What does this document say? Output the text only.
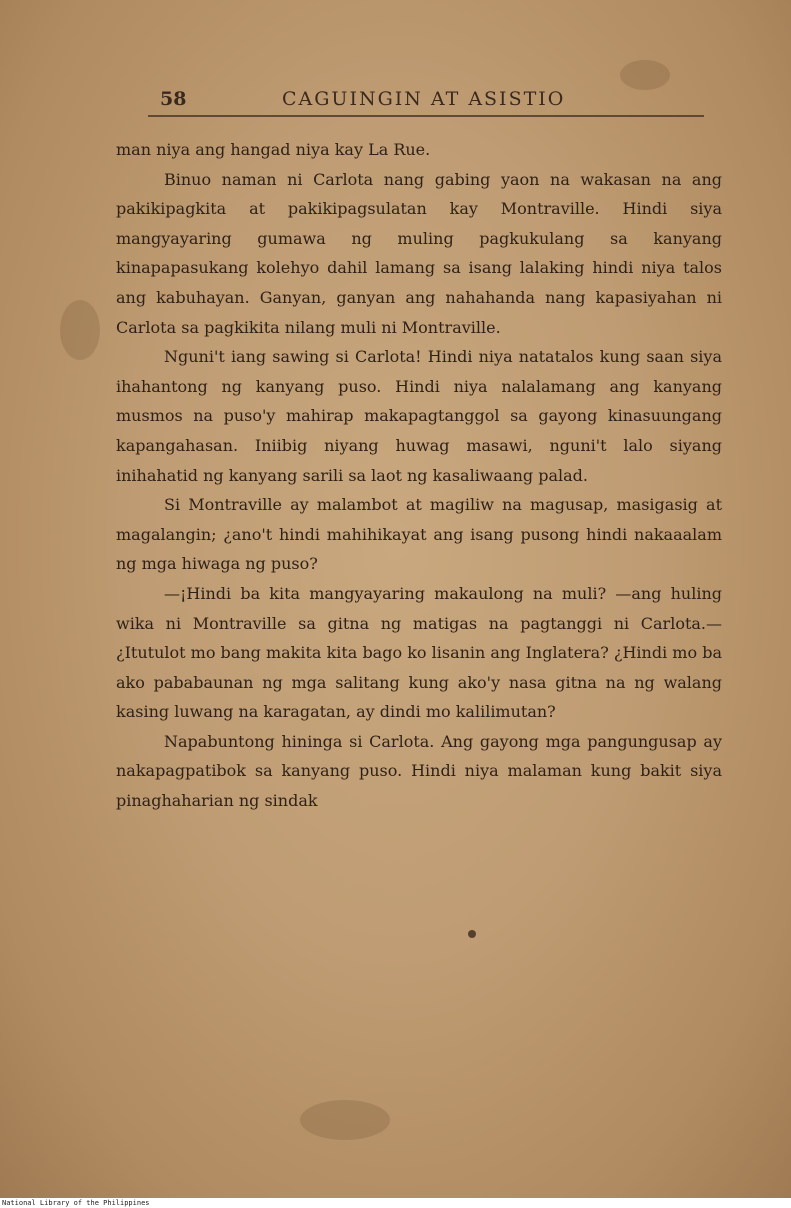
58	CAGUINGIN AT ASISTIO

man niya ang hangad niya kay La Rue.

Binuo naman ni Carlota nang gabing yaon na wakasan na ang pakikipagkita at pakikipagsulatan kay Montraville. Hindi siya mangyayaring gumawa ng muling pagkukulang sa kanyang kinapapasukang kolehyo dahil lamang sa isang lalaking hindi niya talos ang kabuhayan. Ganyan, ganyan ang nahahanda nang kapasiyahan ni Carlota sa pagkikita nilang muli ni Montraville.

Nguni't iang sawing si Carlota! Hindi niya natatalos kung saan siya ihahantong ng kanyang puso. Hindi niya nalalamang ang kanyang musmos na puso'y mahirap makapagtanggol sa gayong kinasuungang kapangahasan. Iniibig niyang huwag masawi, nguni't lalo siyang inihahatid ng kanyang sarili sa laot ng kasaliwaang palad.

Si Montraville ay malambot at magiliw na magusap, masigasig at magalangin; ¿ano't hindi mahihikayat ang isang pusong hindi nakaaalam ng mga hiwaga ng puso?

—¡Hindi ba kita mangyayaring makaulong na muli? —ang huling wika ni Montraville sa gitna ng matigas na pagtanggi ni Carlota.—¿Itutulot mo bang makita kita bago ko lisanin ang Inglatera? ¿Hindi mo ba ako pababaunan ng mga salitang kung ako'y nasa gitna na ng walang kasing luwang na karagatan, ay dindi mo kalilimutan?

Napabuntong hininga si Carlota. Ang gayong mga pangungusap ay nakapagpatibok sa kanyang puso. Hindi niya malaman kung bakit siya pinaghaharian ng sindak

National Library of the Philippines
